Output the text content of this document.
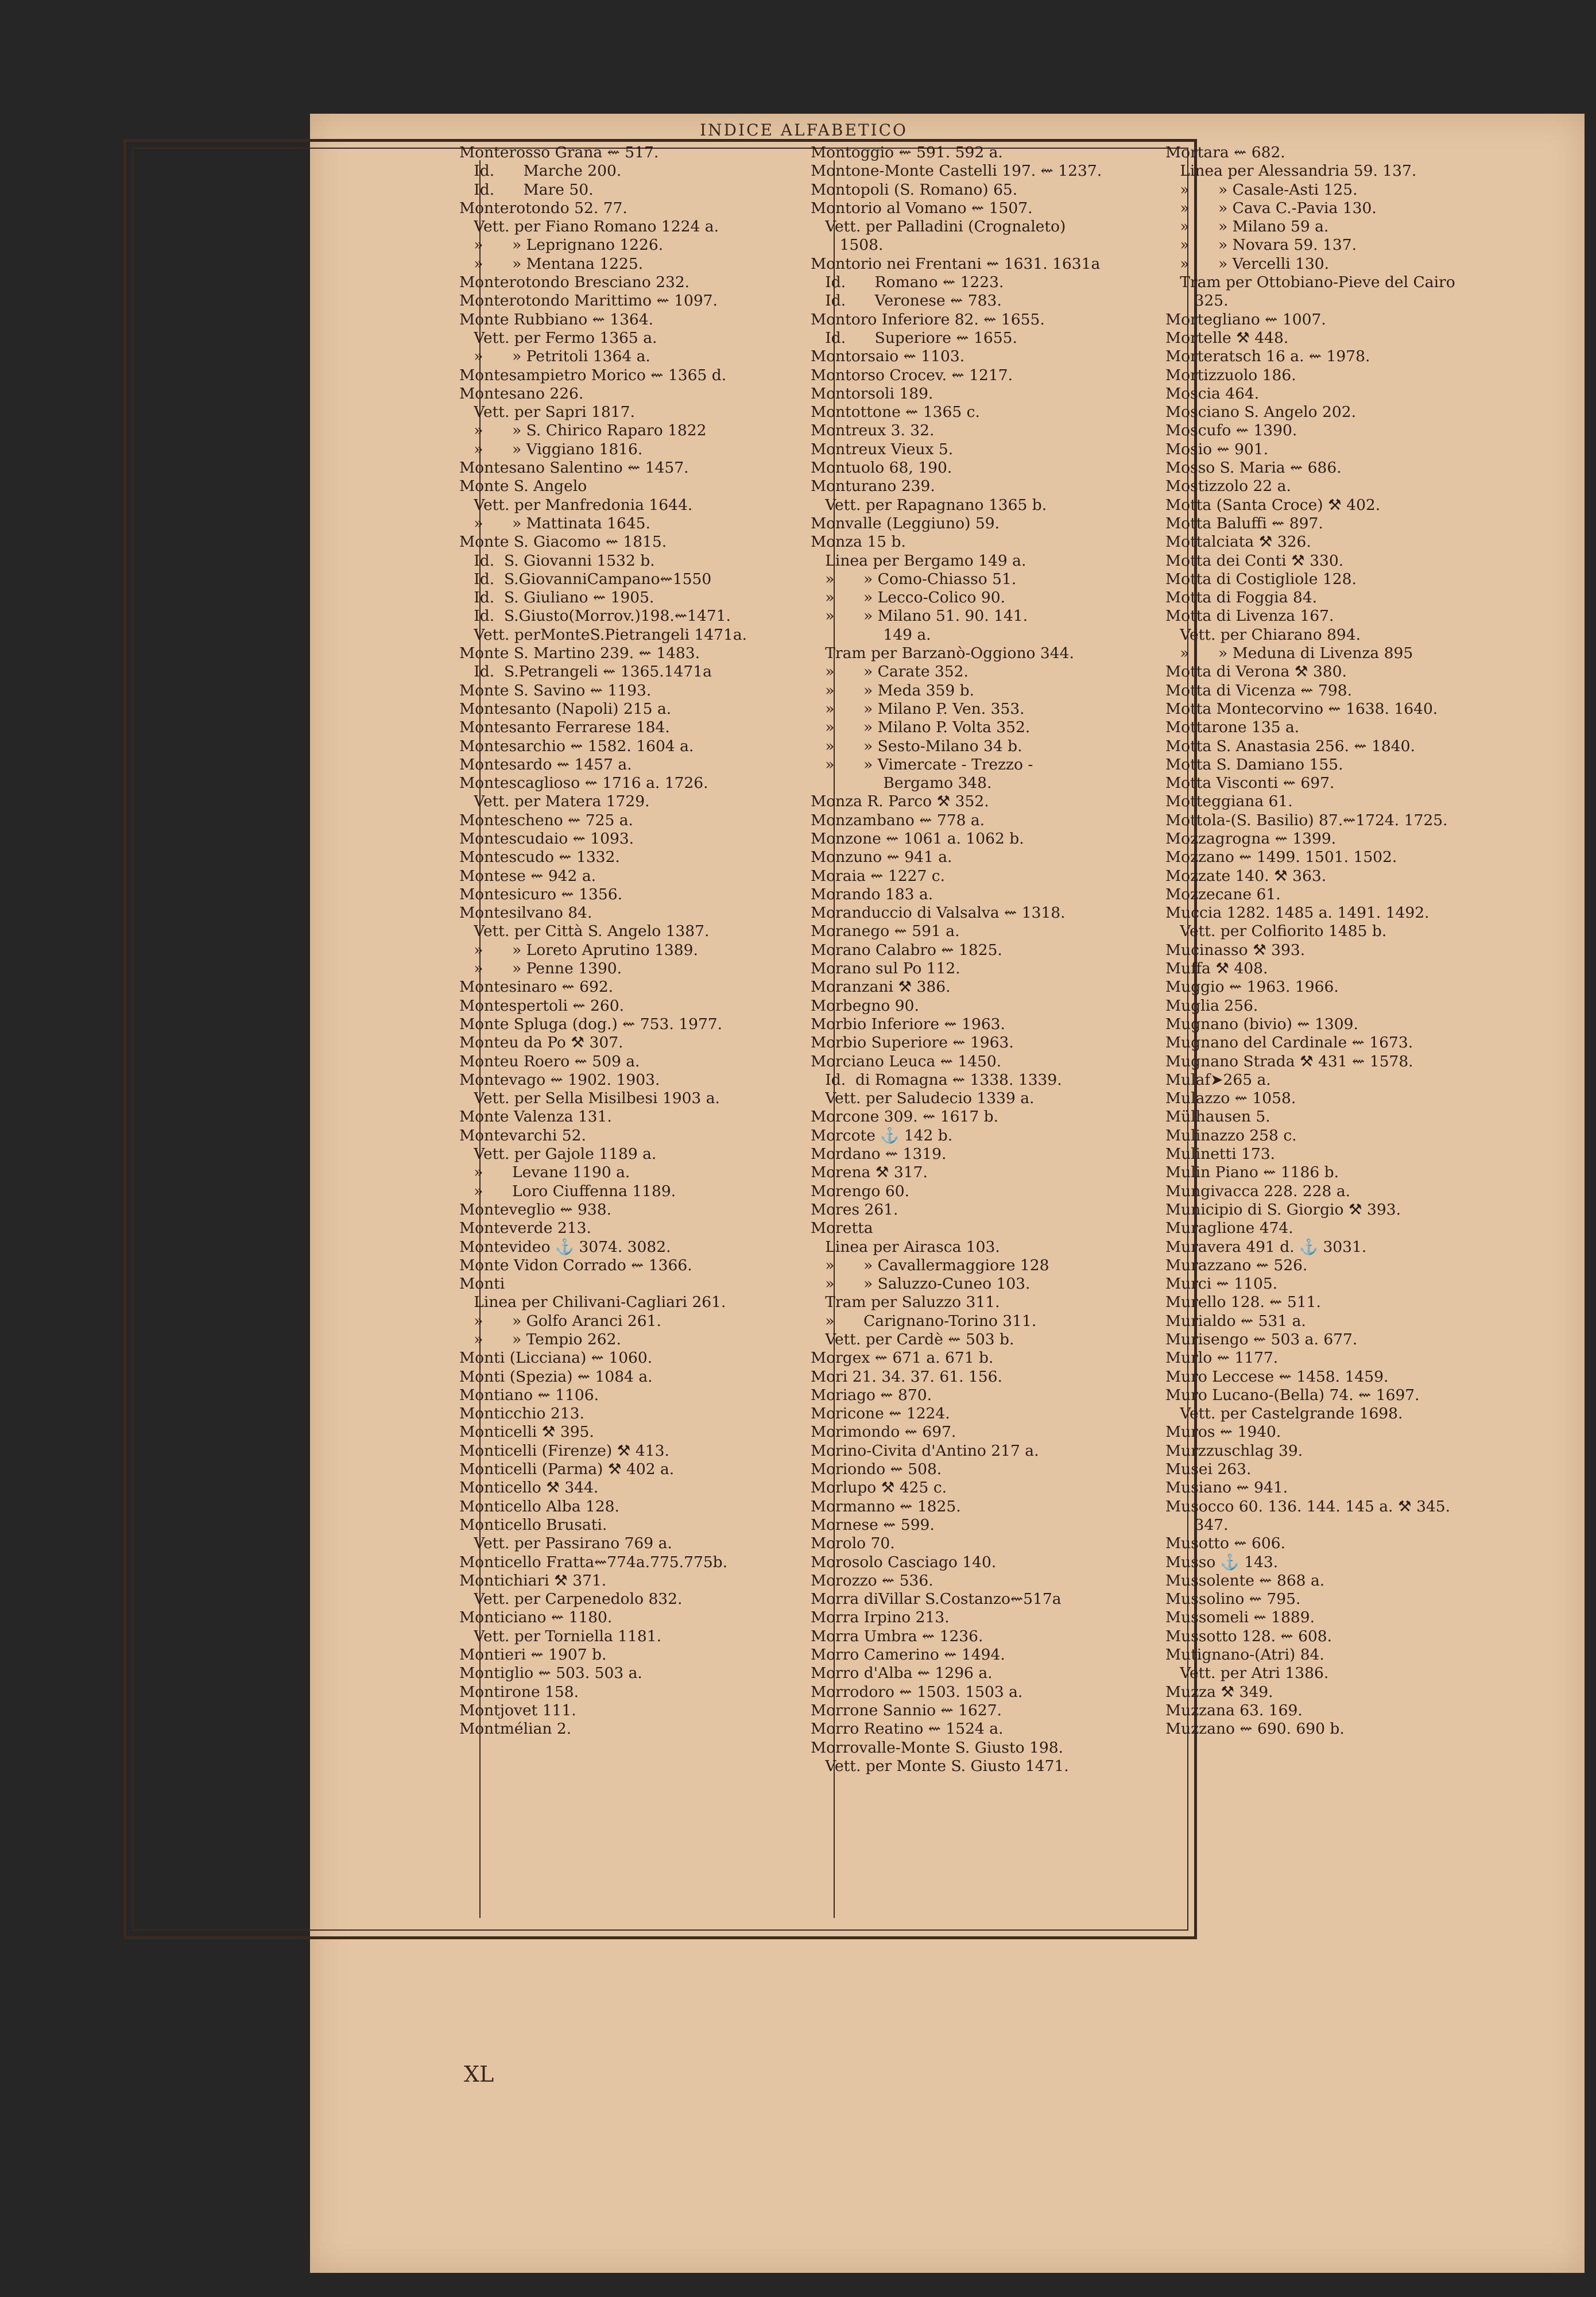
INDICE ALFABETICO
Monterosso Grana ⇜ 517.
Id.      Marche 200.
Id.      Mare 50.
Monterotondo 52. 77.
Vett. per Fiano Romano 1224 a.
»      » Leprignano 1226.
»      » Mentana 1225.
Monterotondo Bresciano 232.
Monterotondo Marittimo ⇜ 1097.
Monte Rubbiano ⇜ 1364.
Vett. per Fermo 1365 a.
»      » Petritoli 1364 a.
Montesampietro Morico ⇜ 1365 d.
Montesano 226.
Vett. per Sapri 1817.
»      » S. Chirico Raparo 1822
»      » Viggiano 1816.
Montesano Salentino ⇜ 1457.
Monte S. Angelo
Vett. per Manfredonia 1644.
»      » Mattinata 1645.
Monte S. Giacomo ⇜ 1815.
Id.  S. Giovanni 1532 b.
Id.  S.GiovanniCampano⇜1550
Id.  S. Giuliano ⇜ 1905.
Id.  S.Giusto(Morrov.)198.⇜1471.
Vett. perMonteS.Pietrangeli 1471a.
Monte S. Martino 239. ⇜ 1483.
Id.  S.Petrangeli ⇜ 1365.1471a
Monte S. Savino ⇜ 1193.
Montesanto (Napoli) 215 a.
Montesanto Ferrarese 184.
Montesarchio ⇜ 1582. 1604 a.
Montesardo ⇜ 1457 a.
Montescaglioso ⇜ 1716 a. 1726.
Vett. per Matera 1729.
Montescheno ⇜ 725 a.
Montescudaio ⇜ 1093.
Montescudo ⇜ 1332.
Montese ⇜ 942 a.
Montesicuro ⇜ 1356.
Montesilvano 84.
Vett. per Città S. Angelo 1387.
»      » Loreto Aprutino 1389.
»      » Penne 1390.
Montesinaro ⇜ 692.
Montespertoli ⇜ 260.
Monte Spluga (dog.) ⇜ 753. 1977.
Monteu da Po ⚒ 307.
Monteu Roero ⇜ 509 a.
Montevago ⇜ 1902. 1903.
Vett. per Sella Misilbesi 1903 a.
Monte Valenza 131.
Montevarchi 52.
Vett. per Gajole 1189 a.
»      Levane 1190 a.
»      Loro Ciuffenna 1189.
Monteveglio ⇜ 938.
Monteverde 213.
Montevideo ⚓ 3074. 3082.
Monte Vidon Corrado ⇜ 1366.
Monti
Linea per Chilivani-Cagliari 261.
»      » Golfo Aranci 261.
»      » Tempio 262.
Monti (Licciana) ⇜ 1060.
Monti (Spezia) ⇜ 1084 a.
Montiano ⇜ 1106.
Monticchio 213.
Monticelli ⚒ 395.
Monticelli (Firenze) ⚒ 413.
Monticelli (Parma) ⚒ 402 a.
Monticello ⚒ 344.
Monticello Alba 128.
Monticello Brusati.
Vett. per Passirano 769 a.
Monticello Fratta⇜774a.775.775b.
Montichiari ⚒ 371.
Vett. per Carpenedolo 832.
Monticiano ⇜ 1180.
Vett. per Torniella 1181.
Montieri ⇜ 1907 b.
Montiglio ⇜ 503. 503 a.
Montirone 158.
Montjovet 111.
Montmélian 2.
Montoggio ⇜ 591. 592 a.
Montone-Monte Castelli 197. ⇜ 1237.
Montopoli (S. Romano) 65.
Montorio al Vomano ⇜ 1507.
Vett. per Palladini (Crognaleto)
1508.
Montorio nei Frentani ⇜ 1631. 1631a
Id.      Romano ⇜ 1223.
Id.      Veronese ⇜ 783.
Montoro Inferiore 82. ⇜ 1655.
Id.      Superiore ⇜ 1655.
Montorsaio ⇜ 1103.
Montorso Crocev. ⇜ 1217.
Montorsoli 189.
Montottone ⇜ 1365 c.
Montreux 3. 32.
Montreux Vieux 5.
Montuolo 68, 190.
Monturano 239.
Vett. per Rapagnano 1365 b.
Monvalle (Leggiuno) 59.
Monza 15 b.
Linea per Bergamo 149 a.
»      » Como-Chiasso 51.
»      » Lecco-Colico 90.
»      » Milano 51. 90. 141.
149 a.
Tram per Barzanò-Oggiono 344.
»      » Carate 352.
»      » Meda 359 b.
»      » Milano P. Ven. 353.
»      » Milano P. Volta 352.
»      » Sesto-Milano 34 b.
»      » Vimercate - Trezzo -
Bergamo 348.
Monza R. Parco ⚒ 352.
Monzambano ⇜ 778 a.
Monzone ⇜ 1061 a. 1062 b.
Monzuno ⇜ 941 a.
Moraia ⇜ 1227 c.
Morando 183 a.
Moranduccio di Valsalva ⇜ 1318.
Moranego ⇜ 591 a.
Morano Calabro ⇜ 1825.
Morano sul Po 112.
Moranzani ⚒ 386.
Morbegno 90.
Morbio Inferiore ⇜ 1963.
Morbio Superiore ⇜ 1963.
Morciano Leuca ⇜ 1450.
Id.  di Romagna ⇜ 1338. 1339.
Vett. per Saludecio 1339 a.
Morcone 309. ⇜ 1617 b.
Morcote ⚓ 142 b.
Mordano ⇜ 1319.
Morena ⚒ 317.
Morengo 60.
Mores 261.
Moretta
Linea per Airasca 103.
»      » Cavallermaggiore 128
»      » Saluzzo-Cuneo 103.
Tram per Saluzzo 311.
»      Carignano-Torino 311.
Vett. per Cardè ⇜ 503 b.
Morgex ⇜ 671 a. 671 b.
Mori 21. 34. 37. 61. 156.
Moriago ⇜ 870.
Moricone ⇜ 1224.
Morimondo ⇜ 697.
Morino-Civita d'Antino 217 a.
Moriondo ⇜ 508.
Morlupo ⚒ 425 c.
Mormanno ⇜ 1825.
Mornese ⇜ 599.
Morolo 70.
Morosolo Casciago 140.
Morozzo ⇜ 536.
Morra diVillar S.Costanzo⇜517a
Morra Irpino 213.
Morra Umbra ⇜ 1236.
Morro Camerino ⇜ 1494.
Morro d'Alba ⇜ 1296 a.
Morrodoro ⇜ 1503. 1503 a.
Morrone Sannio ⇜ 1627.
Morro Reatino ⇜ 1524 a.
Morrovalle-Monte S. Giusto 198.
Vett. per Monte S. Giusto 1471.
Mortara ⇜ 682.
Linea per Alessandria 59. 137.
»      » Casale-Asti 125.
»      » Cava C.-Pavia 130.
»      » Milano 59 a.
»      » Novara 59. 137.
»      » Vercelli 130.
Tram per Ottobiano-Pieve del Cairo
325.
Mortegliano ⇜ 1007.
Mortelle ⚒ 448.
Morteratsch 16 a. ⇜ 1978.
Mortizzuolo 186.
Moscia 464.
Mosciano S. Angelo 202.
Moscufo ⇜ 1390.
Mosio ⇜ 901.
Mosso S. Maria ⇜ 686.
Mostizzolo 22 a.
Motta (Santa Croce) ⚒ 402.
Motta Baluffi ⇜ 897.
Mottalciata ⚒ 326.
Motta dei Conti ⚒ 330.
Motta di Costigliole 128.
Motta di Foggia 84.
Motta di Livenza 167.
Vett. per Chiarano 894.
»      » Meduna di Livenza 895
Motta di Verona ⚒ 380.
Motta di Vicenza ⇜ 798.
Motta Montecorvino ⇜ 1638. 1640.
Mottarone 135 a.
Motta S. Anastasia 256. ⇜ 1840.
Motta S. Damiano 155.
Motta Visconti ⇜ 697.
Motteggiana 61.
Mottola-(S. Basilio) 87.⇜1724. 1725.
Mozzagrogna ⇜ 1399.
Mozzano ⇜ 1499. 1501. 1502.
Mozzate 140. ⚒ 363.
Mozzecane 61.
Muccia 1282. 1485 a. 1491. 1492.
Vett. per Colfiorito 1485 b.
Mucinasso ⚒ 393.
Muffa ⚒ 408.
Muggio ⇜ 1963. 1966.
Muglia 256.
Mugnano (bivio) ⇜ 1309.
Mugnano del Cardinale ⇜ 1673.
Mugnano Strada ⚒ 431 ⇜ 1578.
Mulaf➤265 a.
Mulazzo ⇜ 1058.
Mülhausen 5.
Mulinazzo 258 c.
Mulinetti 173.
Mulin Piano ⇜ 1186 b.
Mungivacca 228. 228 a.
Municipio di S. Giorgio ⚒ 393.
Muraglione 474.
Muravera 491 d. ⚓ 3031.
Murazzano ⇜ 526.
Murci ⇜ 1105.
Murello 128. ⇜ 511.
Murialdo ⇜ 531 a.
Murisengo ⇜ 503 a. 677.
Murlo ⇜ 1177.
Muro Leccese ⇜ 1458. 1459.
Muro Lucano-(Bella) 74. ⇜ 1697.
Vett. per Castelgrande 1698.
Muros ⇜ 1940.
Murzzuschlag 39.
Musei 263.
Musiano ⇜ 941.
Musocco 60. 136. 144. 145 a. ⚒ 345.
347.
Musotto ⇜ 606.
Musso ⚓ 143.
Mussolente ⇜ 868 a.
Mussolino ⇜ 795.
Mussomeli ⇜ 1889.
Mussotto 128. ⇜ 608.
Mutignano-(Atri) 84.
Vett. per Atri 1386.
Muzza ⚒ 349.
Muzzana 63. 169.
Muzzano ⇜ 690. 690 b.
XL
